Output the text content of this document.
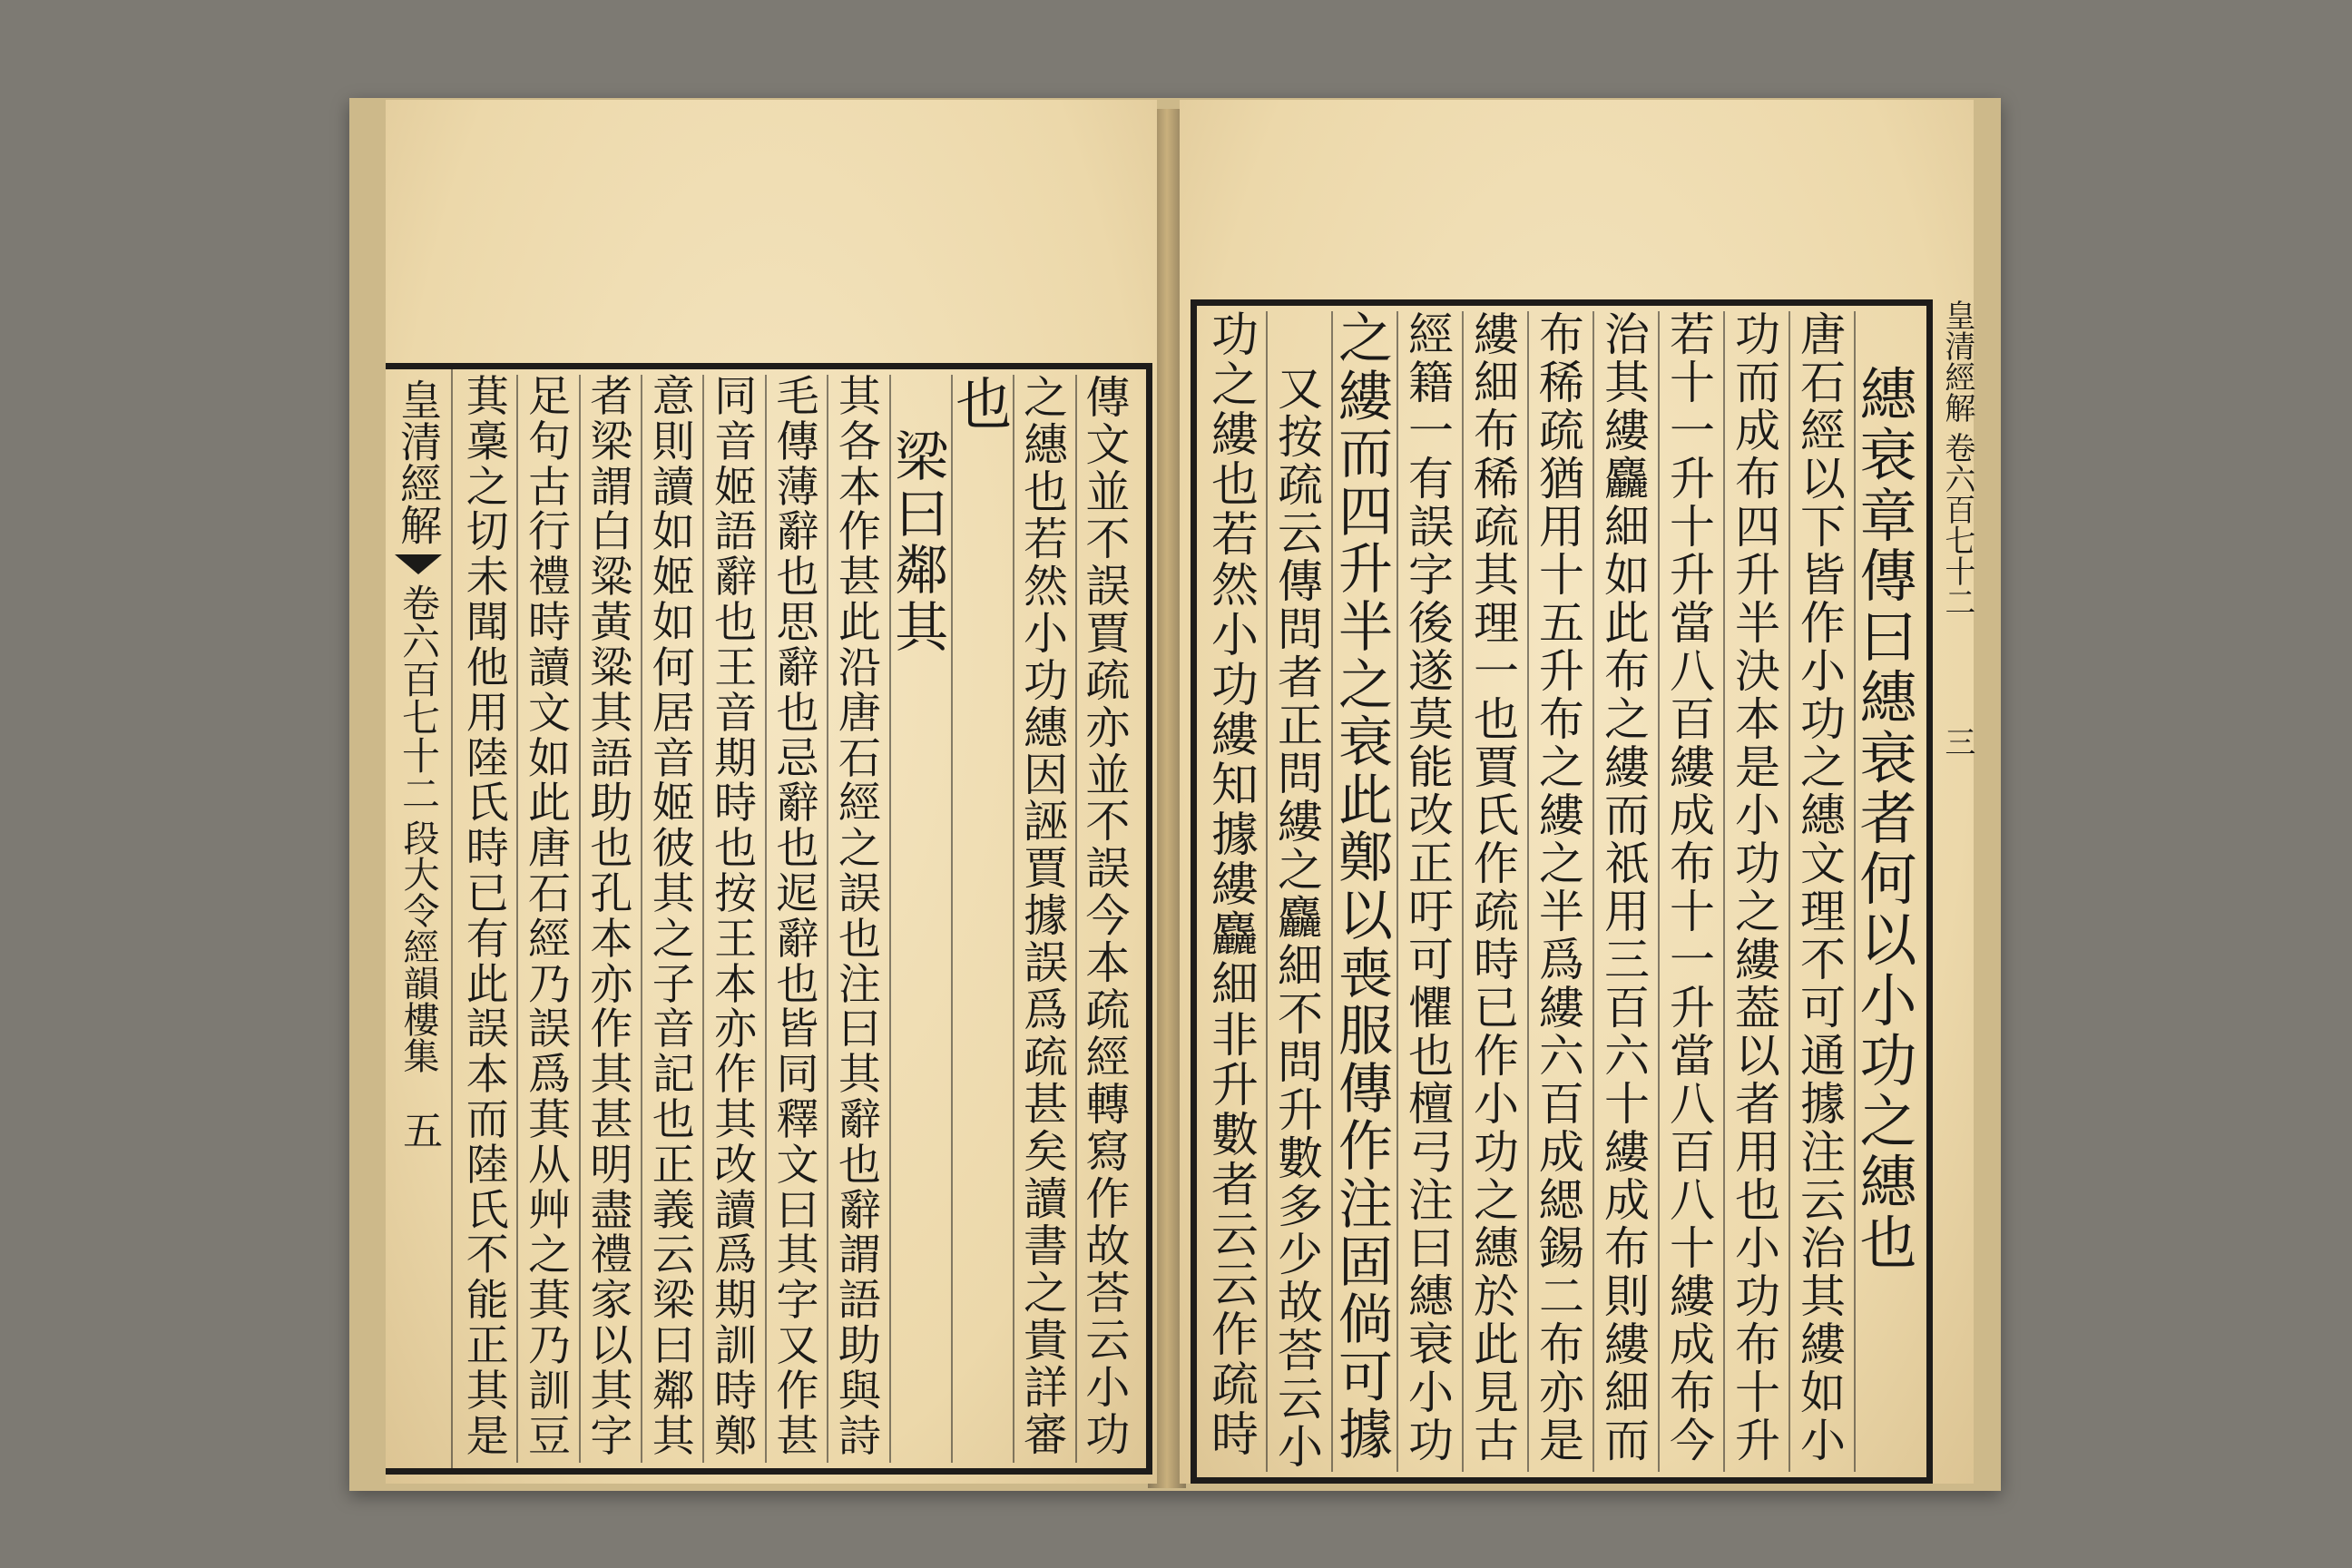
皇清經解
卷六百七十二
段大令經韻樓集
五
傳
文
並
不
誤
賈
疏
亦
並
不
誤
今
本
疏
經
轉
寫
作
故
荅
云
小
功
之
繐
也
若
然
小
功
繐
因
誣
賈
據
誤
爲
疏
甚
矣
讀
書
之
貴
詳
審
也
梁
曰
鄰
其
其
各
本
作
甚
此
沿
唐
石
經
之
誤
也
注
曰
其
辭
也
辭
謂
語
助
與
詩
毛
傳
薄
辭
也
思
辭
也
忌
辭
也
迡
辭
也
皆
同
釋
文
曰
其
字
又
作
甚
同
音
姬
語
辭
也
王
音
期
時
也
按
王
本
亦
作
其
改
讀
爲
期
訓
時
鄭
意
則
讀
如
姬
如
何
居
音
姬
彼
其
之
子
音
記
也
正
義
云
梁
曰
鄰
其
者
梁
謂
白
粱
黃
粱
其
語
助
也
孔
本
亦
作
其
甚
明
盡
禮
家
以
其
字
足
句
古
行
禮
時
讀
文
如
此
唐
石
經
乃
誤
爲
萁
从
艸
之
萁
乃
訓
豆
萁
稾
之
切
未
聞
他
用
陸
氏
時
已
有
此
誤
本
而
陸
氏
不
能
正
其
是
繐
衰
章
傳
曰
繐
衰
者
何
以
小
功
之
繐
也
唐
石
經
以
下
皆
作
小
功
之
繐
文
理
不
可
通
據
注
云
治
其
縷
如
小
功
而
成
布
四
升
半
決
本
是
小
功
之
縷
葢
以
者
用
也
小
功
布
十
升
若
十
一
升
十
升
當
八
百
縷
成
布
十
一
升
當
八
百
八
十
縷
成
布
今
治
其
縷
麤
細
如
此
布
之
縷
而
祇
用
三
百
六
十
縷
成
布
則
縷
細
而
布
稀
疏
猶
用
十
五
升
布
之
縷
之
半
爲
縷
六
百
成
緦
錫
二
布
亦
是
縷
細
布
稀
疏
其
理
一
也
賈
氏
作
疏
時
已
作
小
功
之
繐
於
此
見
古
經
籍
一
有
誤
字
後
遂
莫
能
改
正
吁
可
懼
也
檀
弓
注
曰
繐
衰
小
功
之
縷
而
四
升
半
之
衰
此
鄭
以
喪
服
傳
作
注
固
倘
可
據
又
按
疏
云
傳
問
者
正
問
縷
之
麤
細
不
問
升
數
多
少
故
荅
云
小
功
之
縷
也
若
然
小
功
縷
知
據
縷
麤
細
非
升
數
者
云
云
作
疏
時
皇清經解
卷六百七十二
三
